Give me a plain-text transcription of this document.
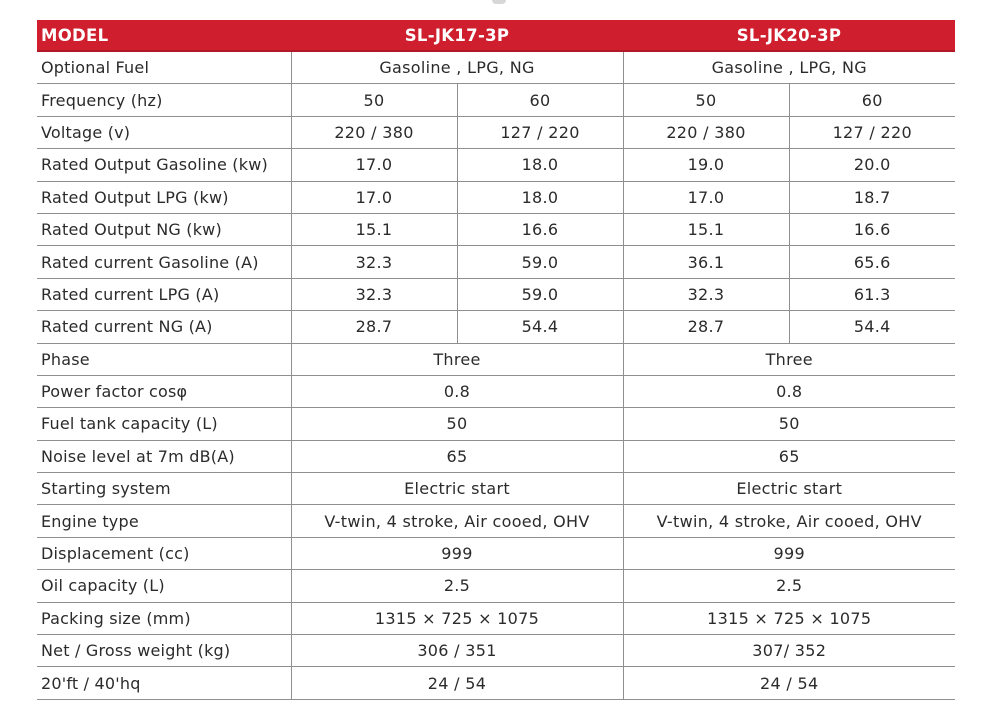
MODEL	SL-JK17-3P		SL-JK20-3P	
Optional Fuel	Gasoline , LPG, NG		Gasoline , LPG, NG	
Frequency (hz)	50	60	50	60
Voltage (v)	220 / 380	127 / 220	220 / 380	127 / 220
Rated Output Gasoline (kw)	17.0	18.0	19.0	20.0
Rated Output LPG (kw)	17.0	18.0	17.0	18.7
Rated Output NG (kw)	15.1	16.6	15.1	16.6
Rated current Gasoline (A)	32.3	59.0	36.1	65.6
Rated current LPG (A)	32.3	59.0	32.3	61.3
Rated current NG (A)	28.7	54.4	28.7	54.4
Phase	Three		Three	
Power factor cosφ	0.8		0.8	
Fuel tank capacity (L)	50		50	
Noise level at 7m dB(A)	65		65	
Starting system	Electric start		Electric start	
Engine type	V-twin, 4 stroke, Air cooed, OHV		V-twin, 4 stroke, Air cooed, OHV	
Displacement (cc)	999		999	
Oil capacity (L)	2.5		2.5	
Packing size (mm)	1315 × 725 × 1075		1315 × 725 × 1075	
Net / Gross weight (kg)	306 / 351		307/ 352	
20'ft / 40'hq	24 / 54		24 / 54	
